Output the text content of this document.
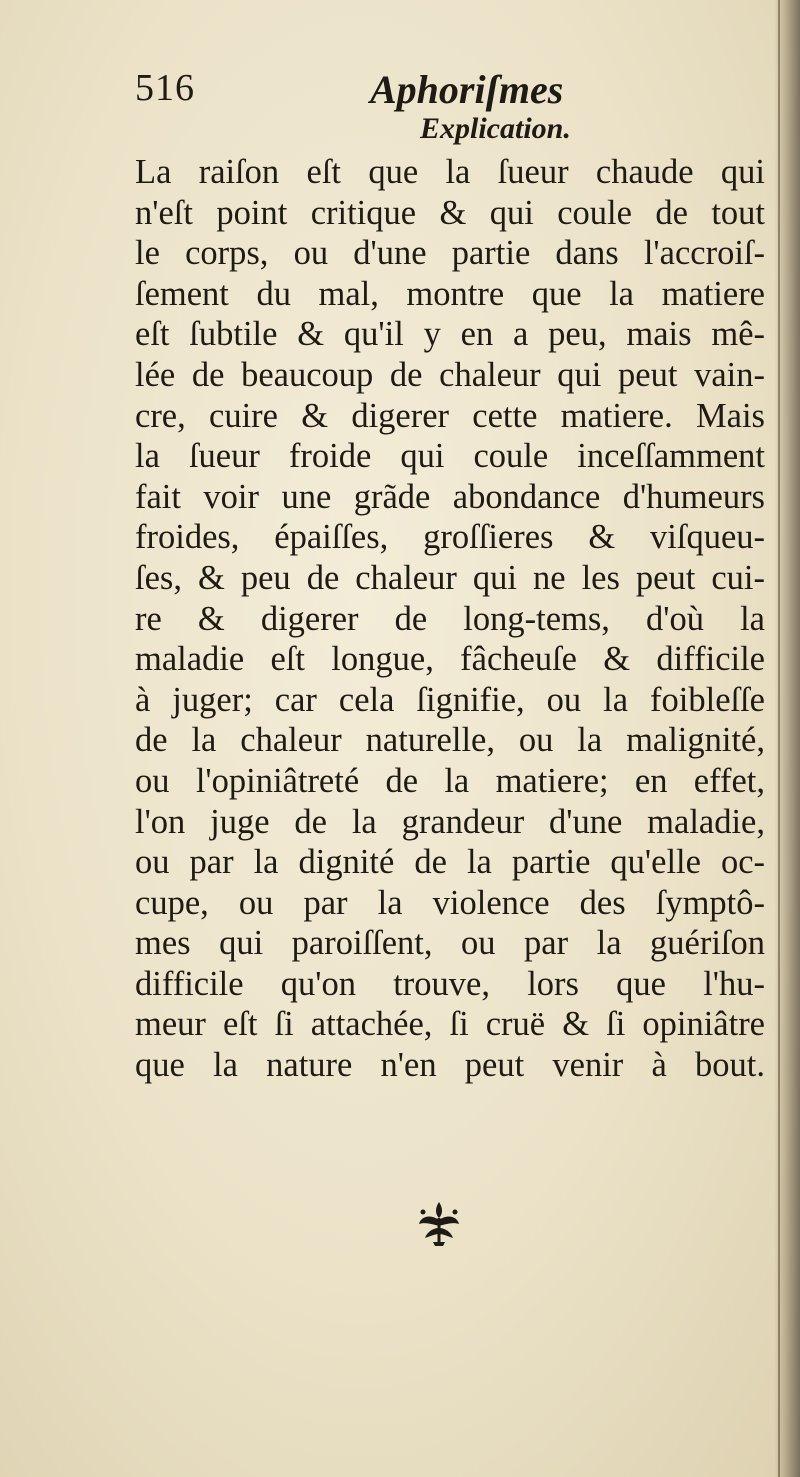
516	Aphoriſmes
Explication.
La raiſon eſt que la ſueur chaude qui
n'eſt point critique & qui coule de tout
le corps, ou d'une partie dans l'accroiſ-
ſement du mal, montre que la matiere
eſt ſubtile & qu'il y en a peu, mais mê-
lée de beaucoup de chaleur qui peut vain-
cre, cuire & digerer cette matiere. Mais
la ſueur froide qui coule inceſſamment
fait voir une grãde abondance d'humeurs
froides, épaiſſes, groſſieres & viſqueu-
ſes, & peu de chaleur qui ne les peut cui-
re & digerer de long-tems, d'où la
maladie eſt longue, fâcheuſe & difficile
à juger; car cela ſignifie, ou la foibleſſe
de la chaleur naturelle, ou la malignité,
ou l'opiniâtreté de la matiere; en effet,
l'on juge de la grandeur d'une maladie,
ou par la dignité de la partie qu'elle oc-
cupe, ou par la violence des ſymptô-
mes qui paroiſſent, ou par la guériſon
difficile qu'on trouve, lors que l'hu-
meur eſt ſi attachée, ſi cruë & ſi opiniâtre
que la nature n'en peut venir à bout.
